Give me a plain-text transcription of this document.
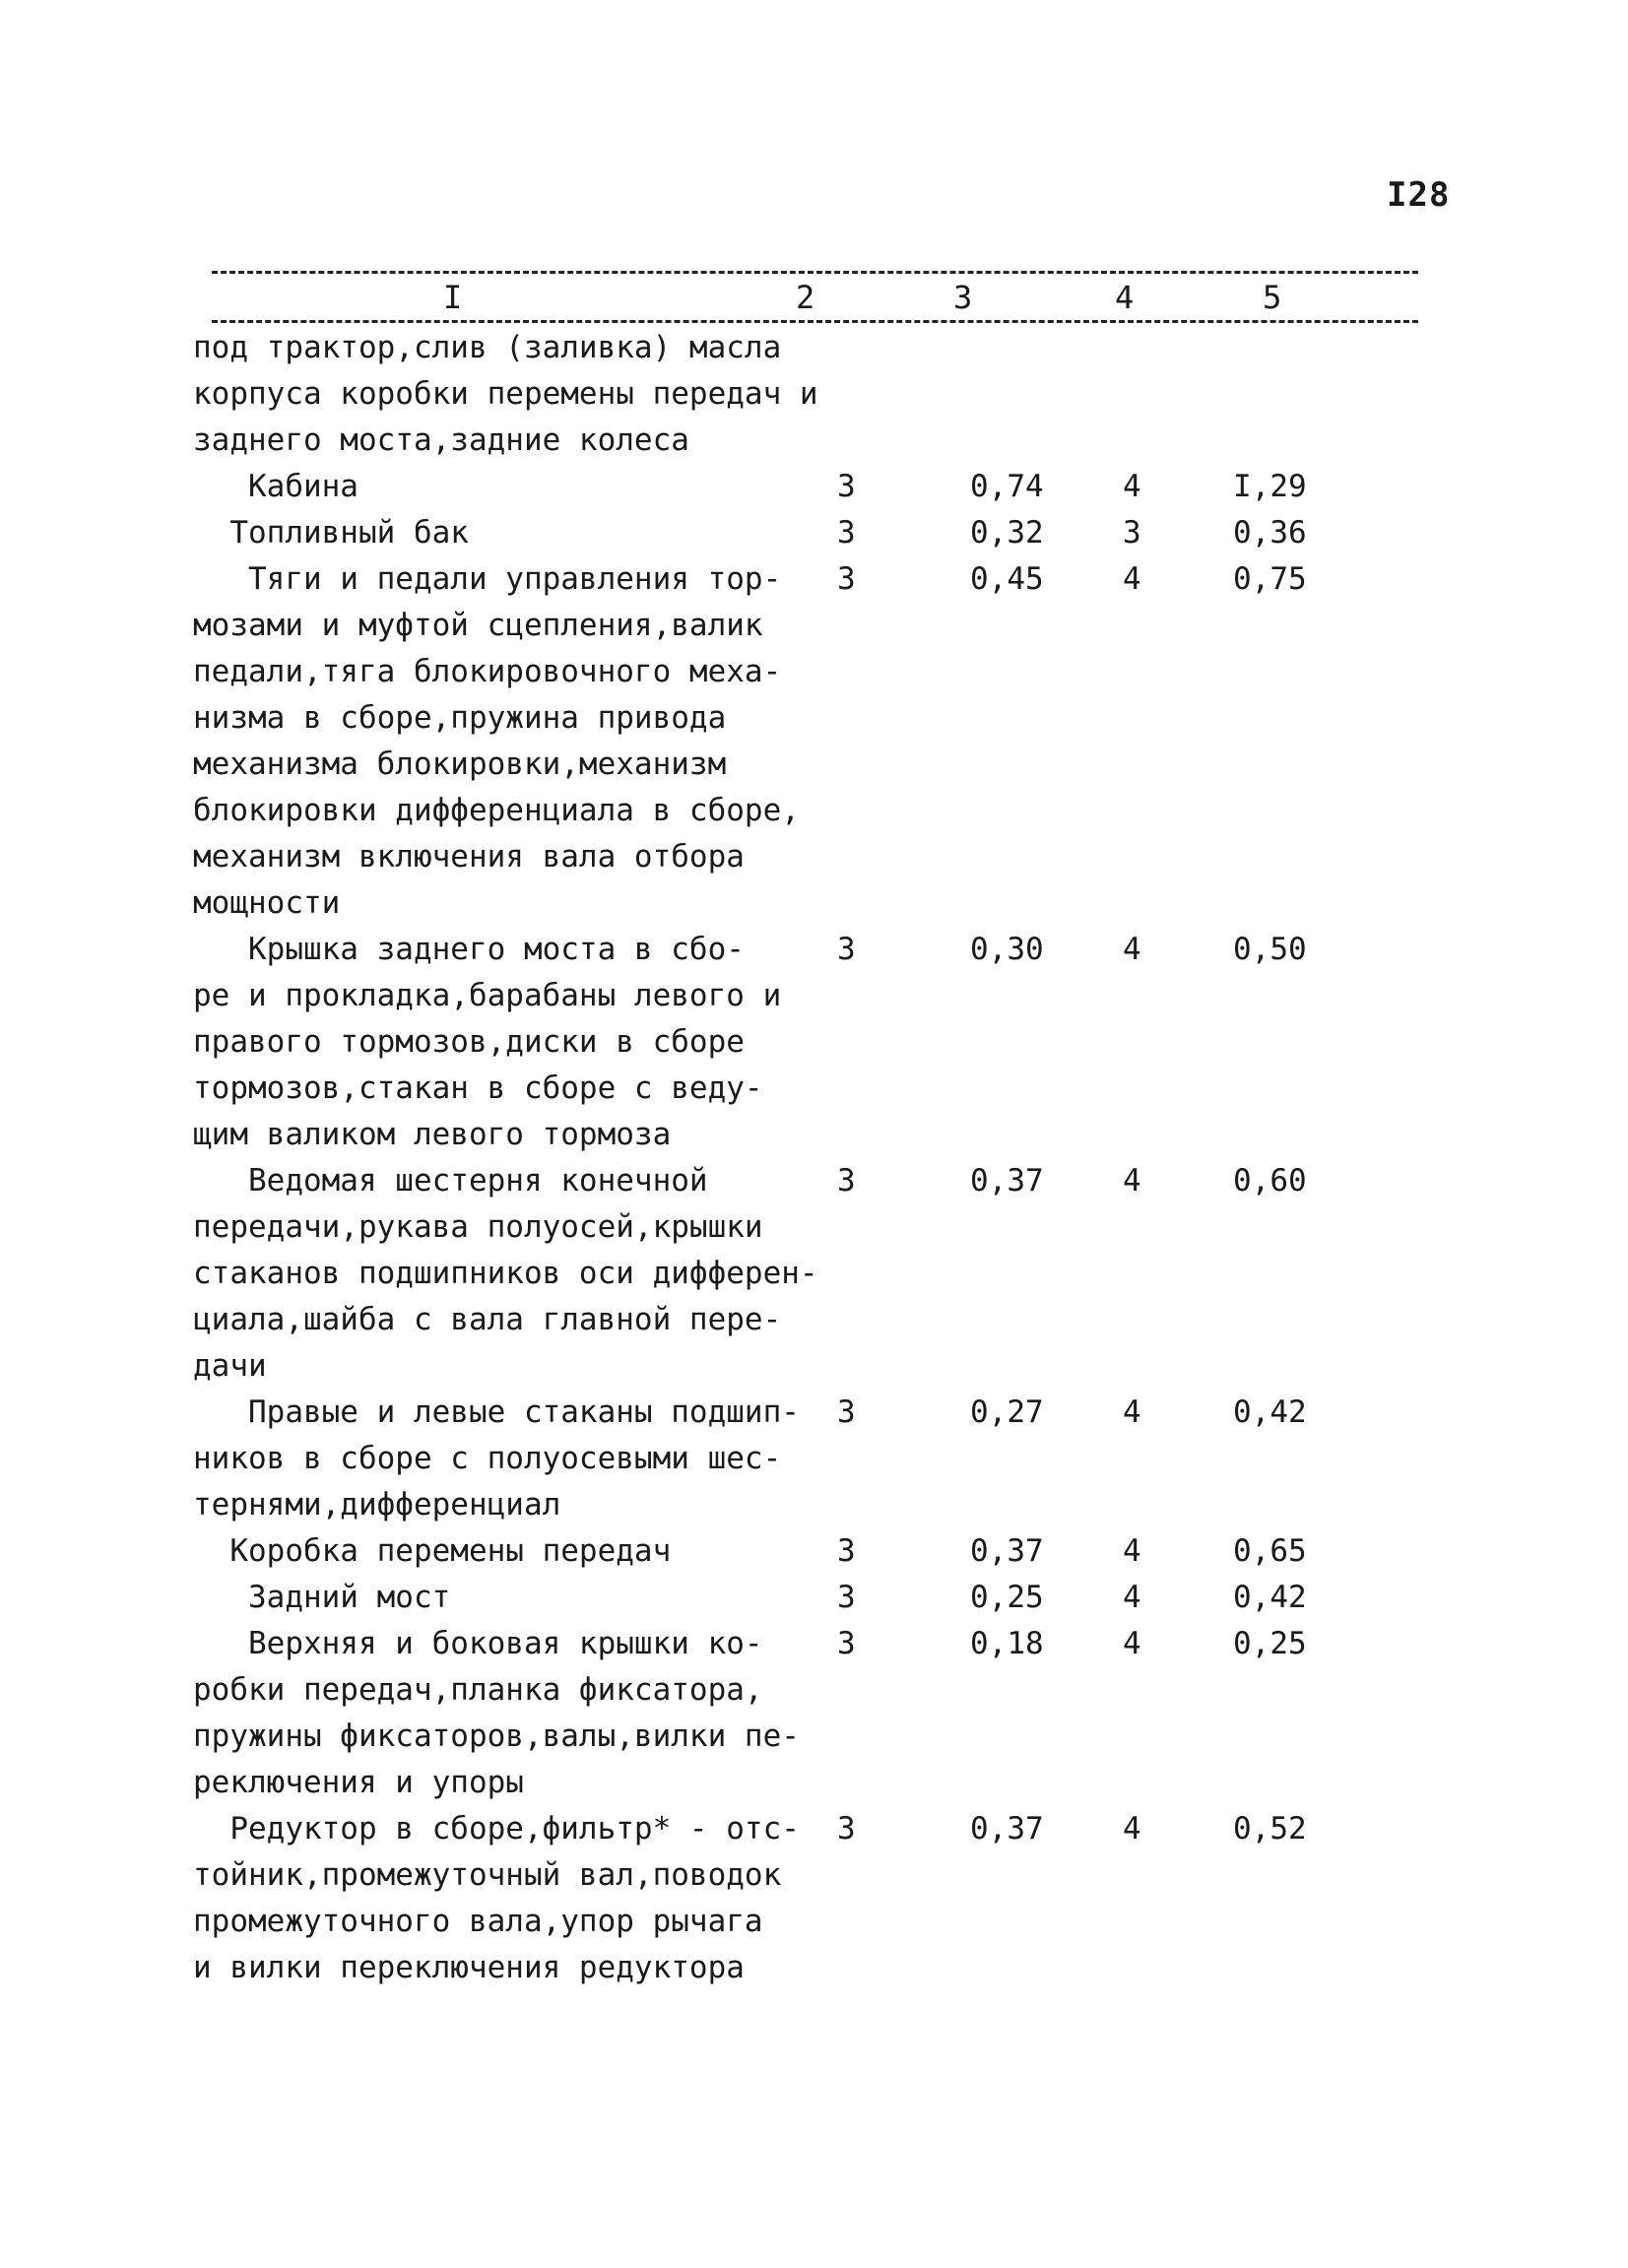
I28
I	2	3	4	5
под трактор,слив (заливка) масла
корпуса коробки перемены передач и
заднего моста,задние колеса
Кабина	3	0,74	4	I,29
Топливный бак	3	0,32	3	0,36
Тяги и педали управления тор-
мозами и муфтой сцепления,валик
педали,тяга блокировочного меха-
низма в сборе,пружина привода
механизма блокировки,механизм
блокировки дифференциала в сборе,
механизм включения вала отбора
мощности
3	0,45	4	0,75
Крышка заднего моста в сбо-
ре и прокладка,барабаны левого и
правого тормозов,диски в сборе
тормозов,стакан в сборе с веду-
щим валиком левого тормоза
3	0,30	4	0,50
Ведомая шестерня конечной
передачи,рукава полуосей,крышки
стаканов подшипников оси дифферен-
циала,шайба с вала главной пере-
дачи
3	0,37	4	0,60
Правые и левые стаканы подшип-
ников в сборе с полуосевыми шес-
тернями,дифференциал
3	0,27	4	0,42
Коробка перемены передач	3	0,37	4	0,65
Задний мост	3	0,25	4	0,42
Верхняя и боковая крышки ко-
робки передач,планка фиксатора,
пружины фиксаторов,валы,вилки пе-
реключения и упоры
3	0,18	4	0,25
Редуктор в сборе,фильтр* - отс-
тойник,промежуточный вал,поводок
промежуточного вала,упор рычага
и вилки переключения редуктора
3	0,37	4	0,52
